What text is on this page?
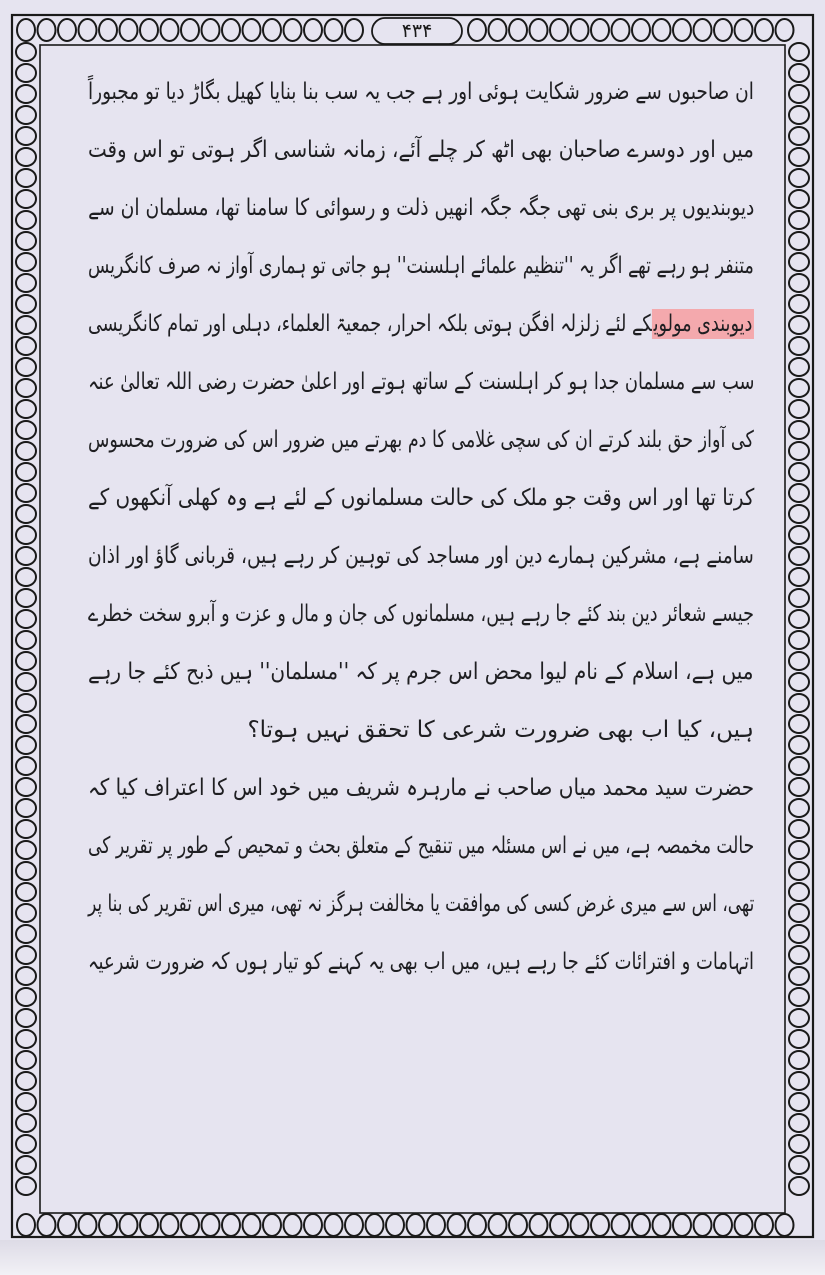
۴۳۴
ان صاحبوں سے ضرور شکایت ہوئی اور ہے جب یہ سب بنا بنایا کھیل بگاڑ دیا تو مجبوراً
میں اور دوسرے صاحبان بھی اٹھ کر چلے آئے، زمانہ شناسی اگر ہوتی تو اس وقت
دیوبندیوں پر بری بنی تھی جگہ جگہ انھیں ذلت و رسوائی کا سامنا تھا، مسلمان ان سے
متنفر ہو رہے تھے اگر یہ ''تنظیم علمائے اہلسنت'' ہو جاتی تو ہماری آواز نہ صرف کانگریس
دیوبندی مولویکے لئے زلزلہ افگن ہوتی بلکہ احرار، جمعیۃ العلماء، دہلی اور تمام کانگریسی
سب سے مسلمان جدا ہو کر اہلسنت کے ساتھ ہوتے اور اعلیٰ حضرت رضی اللہ تعالیٰ عنہ
کی آواز حق بلند کرتے ان کی سچی غلامی کا دم بھرتے میں ضرور اس کی ضرورت محسوس
کرتا تھا اور اس وقت جو ملک کی حالت مسلمانوں کے لئے ہے وہ کھلی آنکھوں کے
سامنے ہے، مشرکین ہمارے دین اور مساجد کی توہین کر رہے ہیں، قربانی گاؤ اور اذان
جیسے شعائر دین بند کئے جا رہے ہیں، مسلمانوں کی جان و مال و عزت و آبرو سخت خطرے
میں ہے، اسلام کے نام لیوا محض اس جرم پر کہ ''مسلمان'' ہیں ذبح کئے جا رہے
ہیں، کیا اب بھی ضرورت شرعی کا تحقق نہیں ہوتا؟
حضرت سید محمد میاں صاحب نے مارہرہ شریف میں خود اس کا اعتراف کیا کہ
حالت مخمصہ ہے، میں نے اس مسئلہ میں تنقیح کے متعلق بحث و تمحیص کے طور پر تقریر کی
تھی، اس سے میری غرض کسی کی موافقت یا مخالفت ہرگز نہ تھی، میری اس تقریر کی بنا پر
اتہامات و افترائات کئے جا رہے ہیں، میں اب بھی یہ کہنے کو تیار ہوں کہ ضرورت شرعیہ
